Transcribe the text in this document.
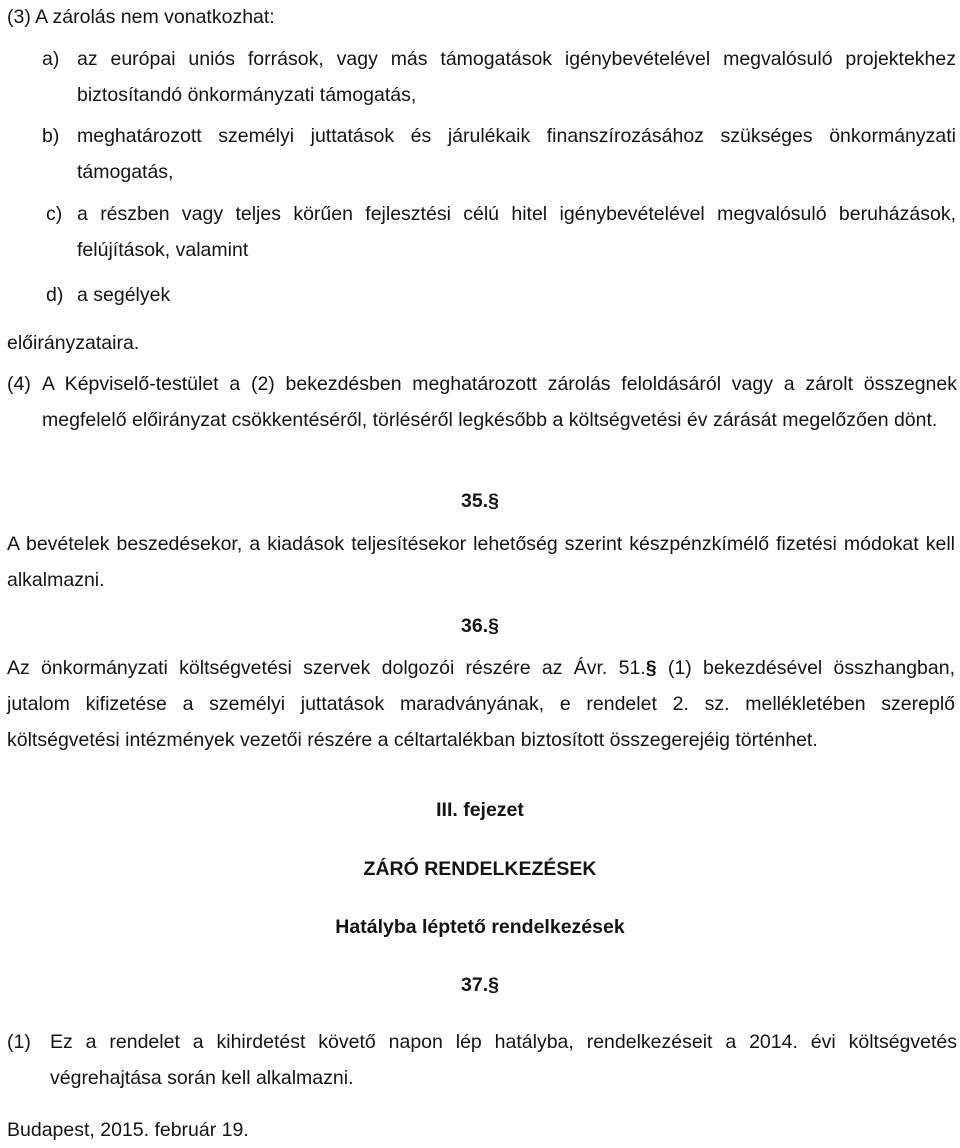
(3) A zárolás nem vonatkozhat:
a) az európai uniós források, vagy más támogatások igénybevételével megvalósuló projektekhez biztosítandó önkormányzati támogatás,
b) meghatározott személyi juttatások és járulékaik finanszírozásához szükséges önkormányzati támogatás,
c) a részben vagy teljes körűen fejlesztési célú hitel igénybevételével megvalósuló beruházások, felújítások, valamint
d) a segélyek
előirányzataira.
(4) A Képviselő-testület a (2) bekezdésben meghatározott zárolás feloldásáról vagy a zárolt összegnek megfelelő előirányzat csökkentéséről, törléséről legkésőbb a költségvetési év zárását megelőzően dönt.
35.§
A bevételek beszedésekor, a kiadások teljesítésekor lehetőség szerint készpénzkímélő fizetési módokat kell alkalmazni.
36.§
Az önkormányzati költségvetési szervek dolgozói részére az Ávr. 51.§ (1) bekezdésével összhangban, jutalom kifizetése a személyi juttatások maradványának, e rendelet 2. sz. mellékletében szereplő költségvetési intézmények vezetői részére a céltartalékban biztosított összegerejéig történhet.
III. fejezet
ZÁRÓ RENDELKEZÉSEK
Hatályba léptető rendelkezések
37.§
(1) Ez a rendelet a kihirdetést követő napon lép hatályba, rendelkezéseit a 2014. évi költségvetés végrehajtása során kell alkalmazni.
Budapest, 2015. február 19.
